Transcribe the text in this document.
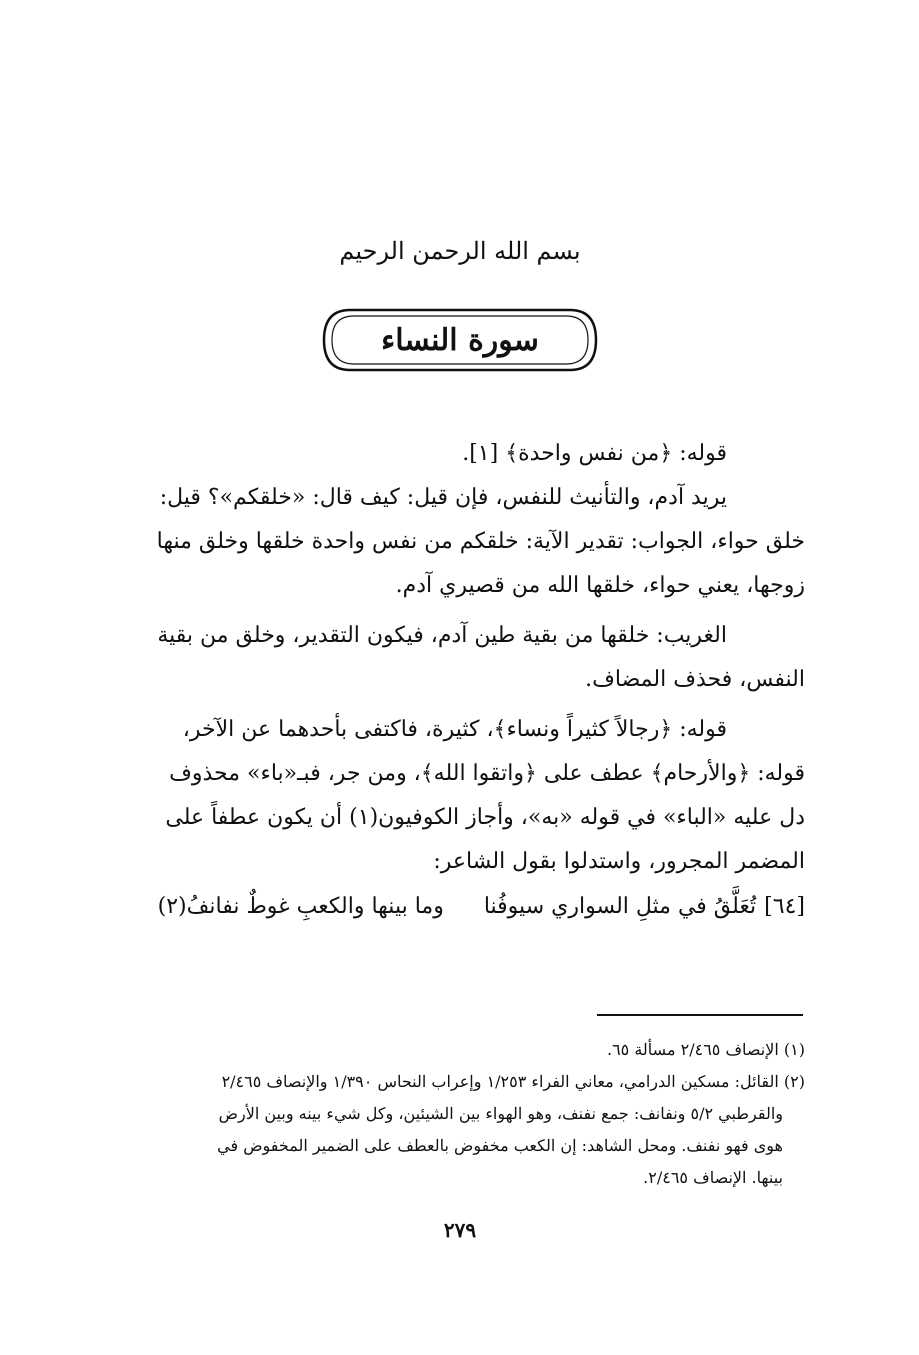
بسم الله الرحمن الرحيم
سورة النساء

قوله: ﴿من نفس واحدة﴾ [١].

يريد آدم، والتأنيث للنفس، فإن قيل: كيف قال: «خلقكم»؟ قيل:

خلق حواء، الجواب: تقدير الآية: خلقكم من نفس واحدة خلقها وخلق منها

زوجها، يعني حواء، خلقها الله من قصيري آدم.

الغريب: خلقها من بقية طين آدم، فيكون التقدير، وخلق من بقية

النفس، فحذف المضاف.

قوله: ﴿رجالاً كثيراً ونساء﴾، كثيرة، فاكتفى بأحدهما عن الآخر،

قوله: ﴿والأرحام﴾ عطف على ﴿واتقوا الله﴾، ومن جر، فبـ«باء» محذوف

دل عليه «الباء» في قوله «به»، وأجاز الكوفيون(١) أن يكون عطفاً على

المضمر المجرور، واستدلوا بقول الشاعر:

[٦٤]
تُعَلَّقُ في مثلِ السواري سيوفُنا
وما بينها والكعبِ غوطٌ نفانفُ(٢)

(١) الإنصاف ٢/٤٦٥ مسألة ٦٥.

(٢) القائل: مسكين الدرامي، معاني الفراء ١/٢٥٣ وإعراب النحاس ١/٣٩٠ والإنصاف ٢/٤٦٥

والقرطبي ٥/٢ ونفانف: جمع نفنف، وهو الهواء بين الشيئين، وكل شيء بينه وبين الأرض

هوى فهو نفنف. ومحل الشاهد: إن الكعب مخفوض بالعطف على الضمير المخفوض في

بينها. الإنصاف ٢/٤٦٥.

٢٧٩
